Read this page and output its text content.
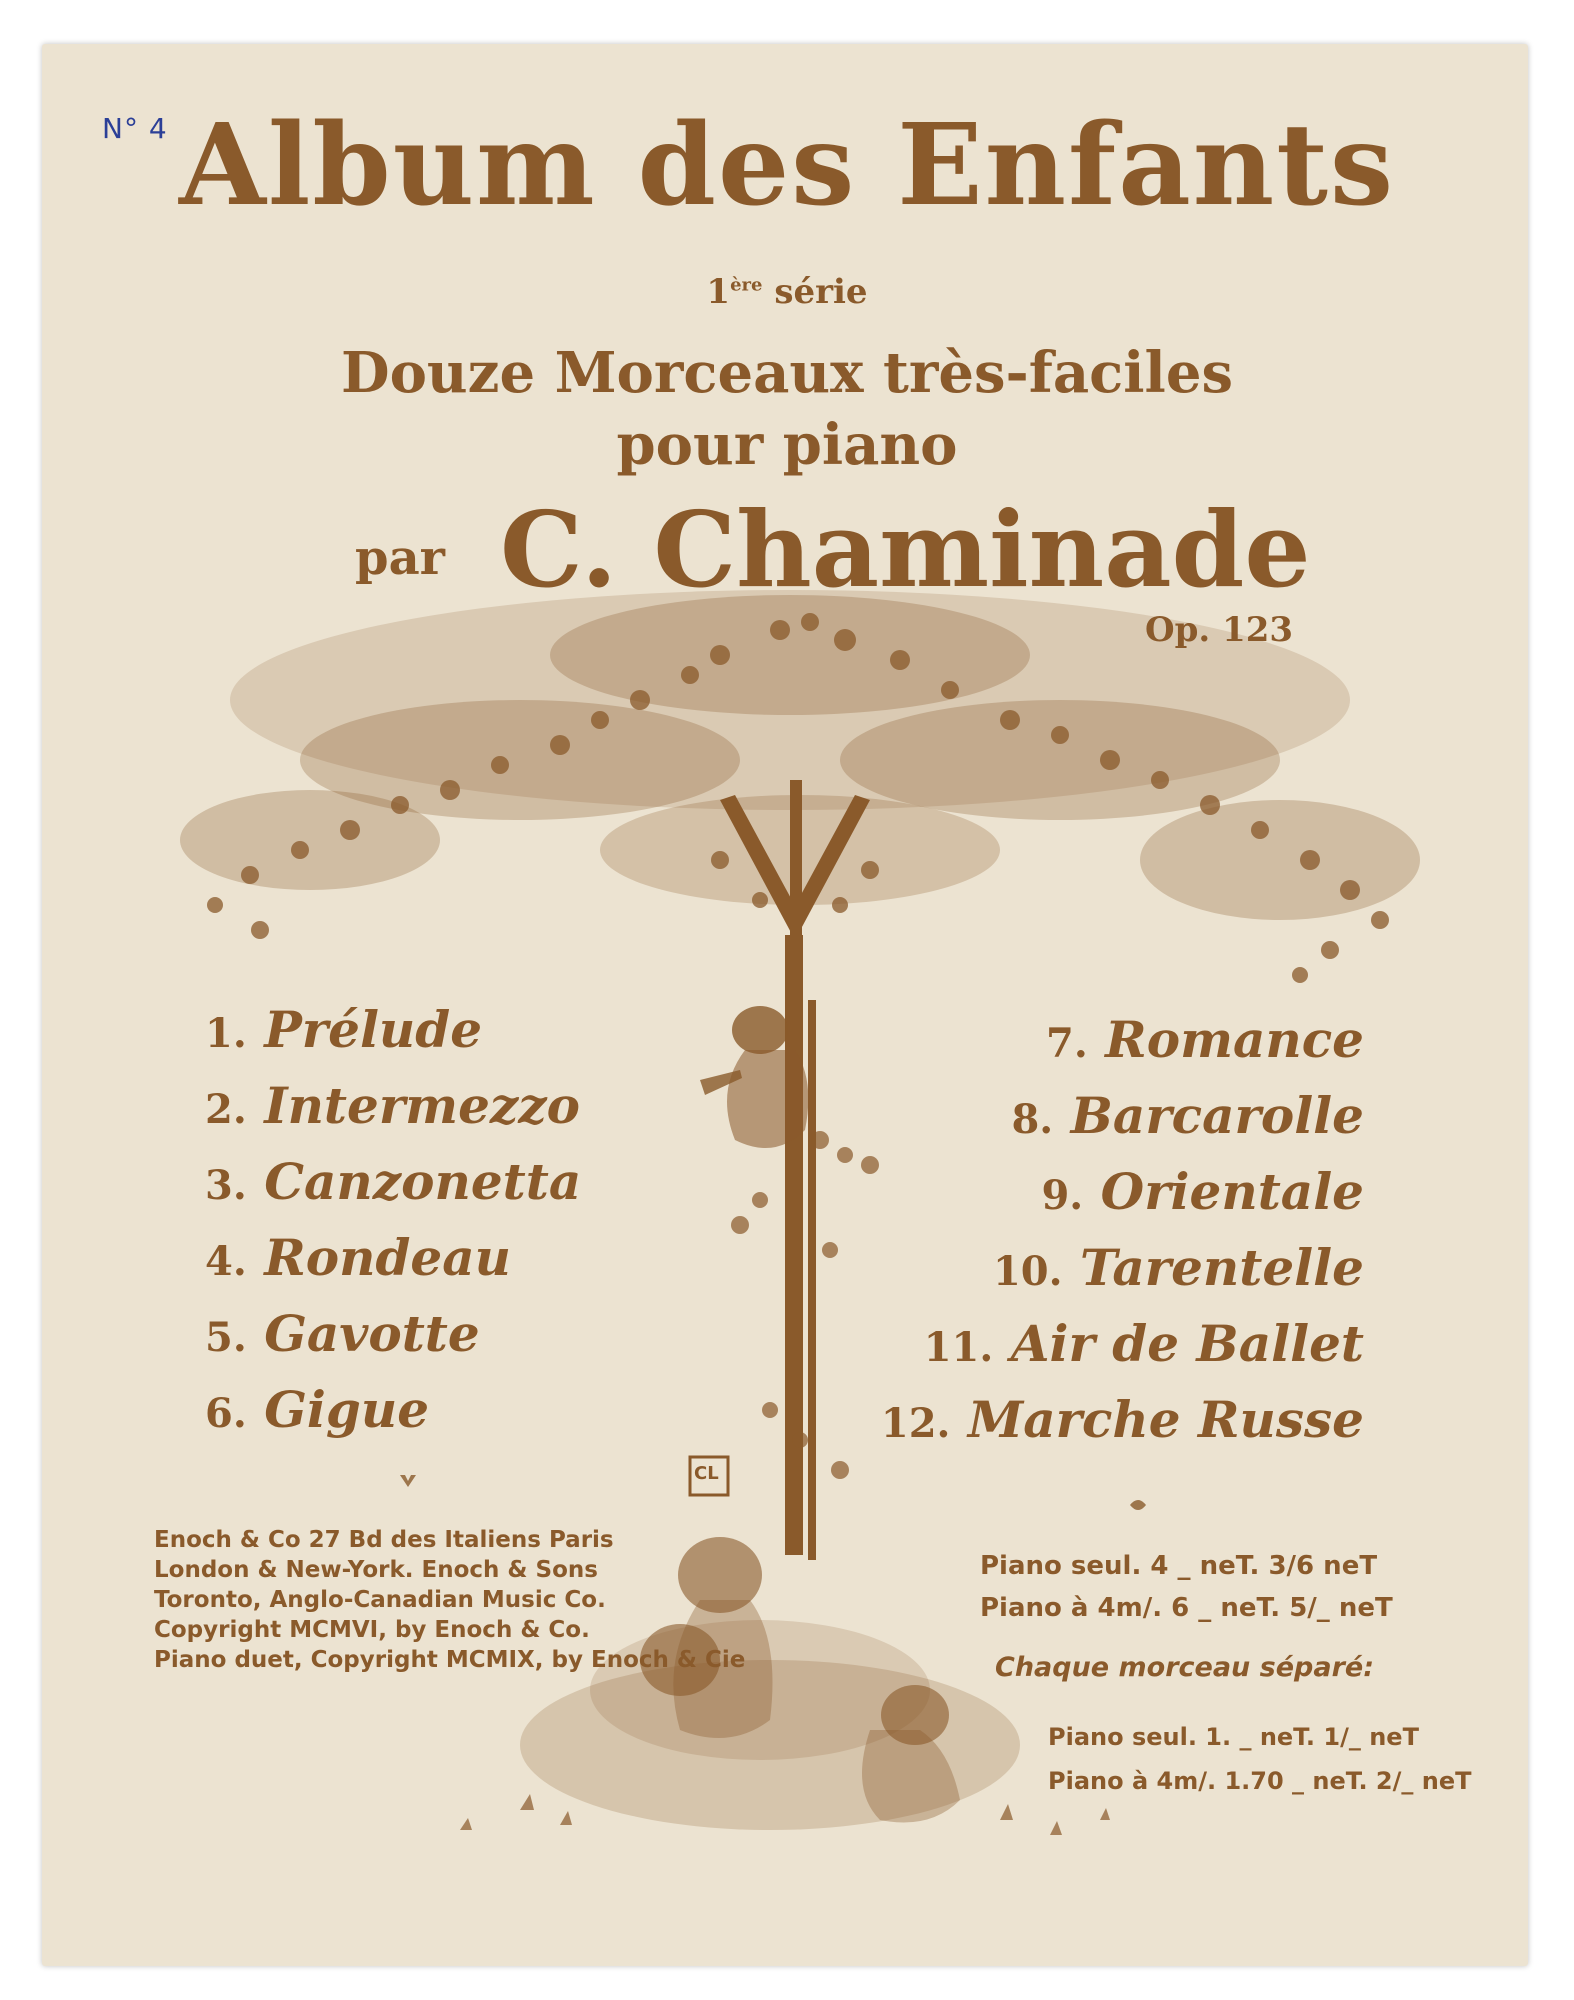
N° 4 Album des Enfants
1ère série
Douze Morceaux très-faciles
pour piano
par C. Chaminade
Op. 123
1. Prélude
2. Intermezzo
3. Canzonetta
4. Rondeau
5. Gavotte
6. Gigue
7. Romance
8. Barcarolle
9. Orientale
10. Tarentelle
11. Air de Ballet
12. Marche Russe
CL
Enoch & Co 27 Bd des Italiens Paris
London & New-York. Enoch & Sons
Toronto, Anglo-Canadian Music Co.
Copyright MCMVI, by Enoch & Co.
Piano duet, Copyright MCMIX, by Enoch & Cie
Piano seul. 4 _ neT. 3/6 neT
Piano à 4m/. 6 _ neT. 5/_ neT
Chaque morceau séparé:
Piano seul. 1. _ neT. 1/_ neT
Piano à 4m/. 1.70 _ neT. 2/_ neT
